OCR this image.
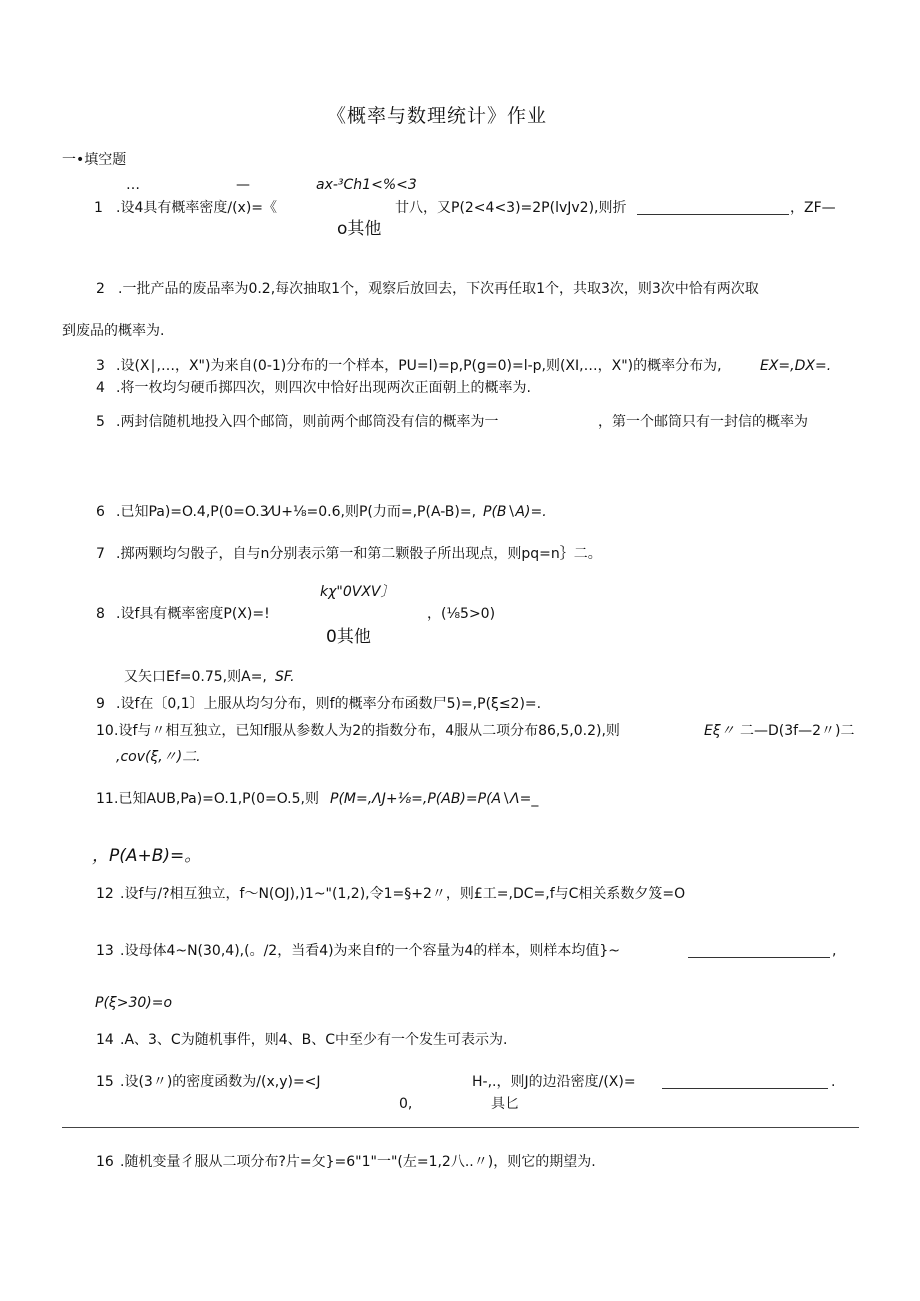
《概率与数理统计》作业
一•填空题
…	—	ax-³Ch1<%<3
1 .设4具有概率密度/(x)=《	廿八，又P(2<4<3)=2P(lvJv2),则折	，ZF—
o其他
2 .一批产品的废品率为0.2,每次抽取1个，观察后放回去，下次再任取1个，共取3次，则3次中恰有两次取
到废品的概率为.
3 .设(X∣,…，X")为来自(0-1)分布的一个样本，PU=l)=p,P(g=0)=l-p,则(XI,…，X")的概率分布为,	EX=,DX=.
4 .将一枚均匀硬币掷四次，则四次中恰好出现两次正面朝上的概率为.
5 .两封信随机地投入四个邮筒，则前两个邮筒没有信的概率为一	，第一个邮筒只有一封信的概率为
6 .已知Pa)=O.4,P(0=O.3⁄U+⅛=0.6,则P(力而=,P(A-B)=, P(B∖A)=.
7 .掷两颗均匀骰子，自与n分别表示第一和第二颗骰子所出现点，则pq=n｝二。
kχ"0VXV〕
8 .设f具有概率密度P(X)=!	，(⅛5>0)
0其他
又矢口Ef=0.75,则A=, SF.
9 .设f在〔0,1〕上服从均匀分布，则f的概率分布函数尸5)=,P(ξ≤2)=.
10 .设f与〃相互独立，已知f服从参数人为2的指数分布，4服从二项分布86,5,0.2),则	Eξ〃 二—D(3f—2〃)二
,cov(ξ,〃)二.
11 .已知AUB,Pa)=O.1,P(0=O.5,则 P(M=,ΛJ+⅛=,P(AB)=P(A∖Λ=_
，P(A+B)=。
12 .设f与/?相互独立，f〜N(OJ),)1~"(1,2),令1=§+2〃，则£工=,DC=,f与C相关系数夕笈=O
13 .设母体4~N(30,4),(。/2，当看4)为来自f的一个容量为4的样本，则样本均值}~	,
P(ξ>30)=o
14 .A、3、C为随机事件，则4、B、C中至少有一个发生可表示为.
15 .设(3〃)的密度函数为/(x,y)=<J	H-,.，则J的边沿密度/(X)=	.
0,	具匕
16 .随机变量彳服从二项分布?片=攵}=6"1"一"(左=1,2八..〃)，则它的期望为.
